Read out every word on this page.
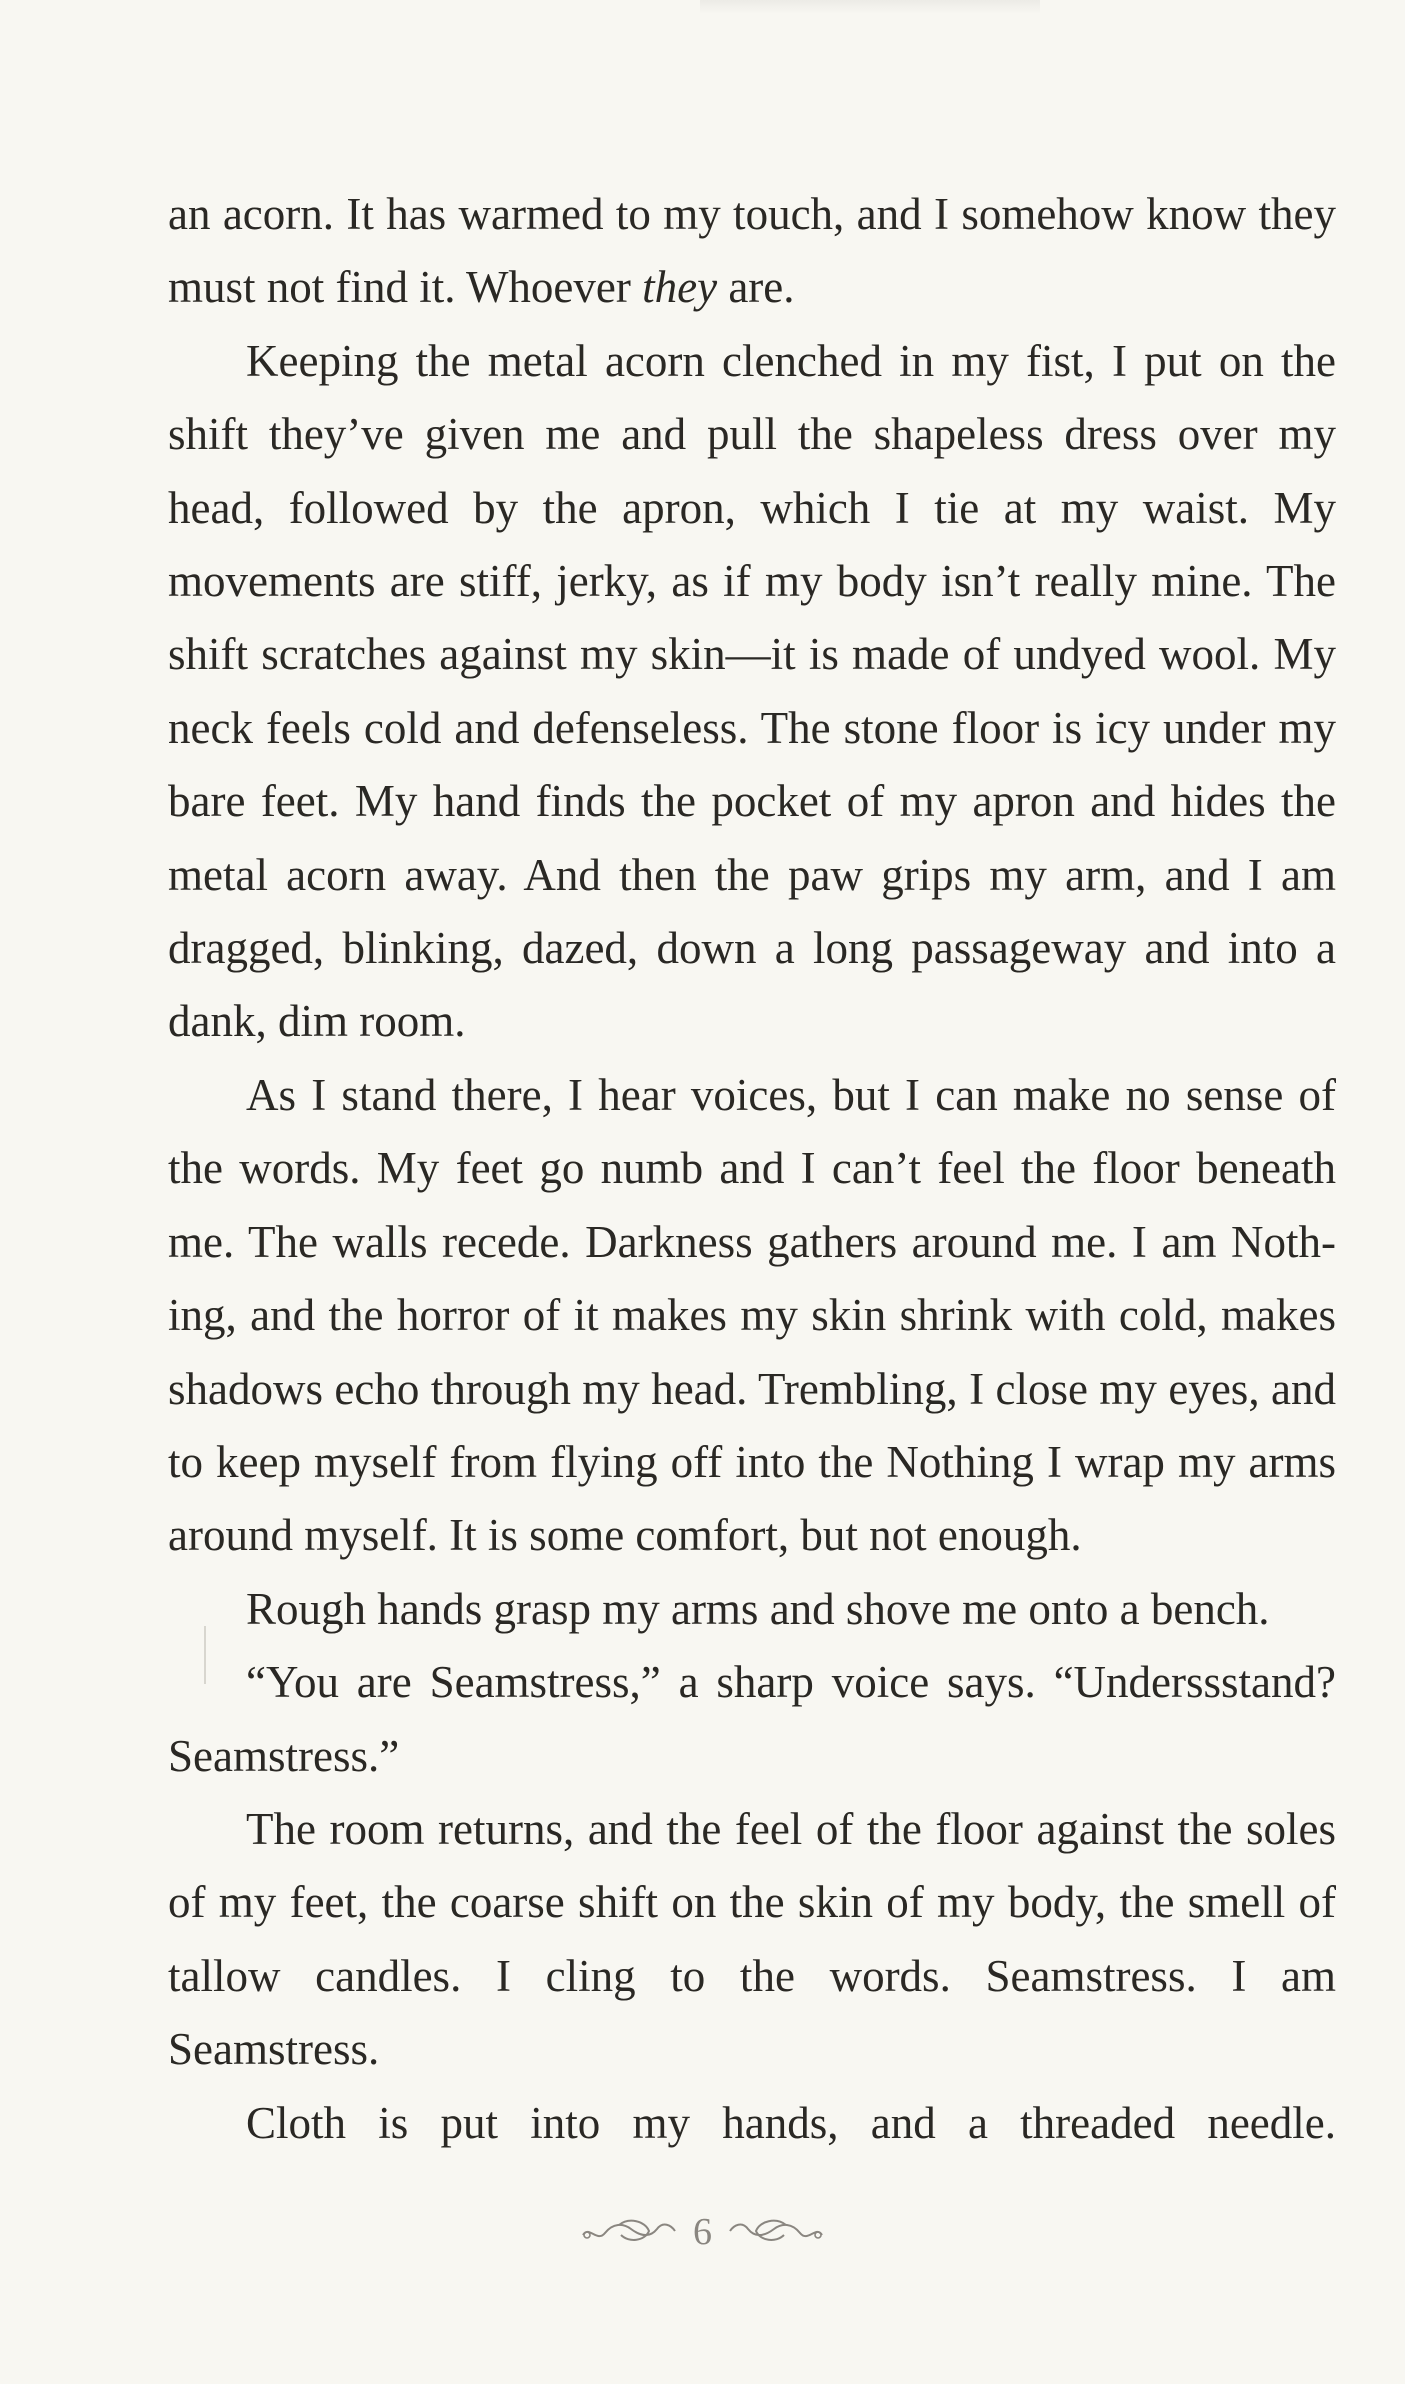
an acorn. It has warmed to my touch, and I somehow know they must not find it. Whoever they are.

Keeping the metal acorn clenched in my fist, I put on the shift they’ve given me and pull the shapeless dress over my head, followed by the apron, which I tie at my waist. My movements are stiff, jerky, as if my body isn’t really mine. The shift scratches against my skin—it is made of undyed wool. My neck feels cold and defenseless. The stone floor is icy under my bare feet. My hand finds the pocket of my apron and hides the metal acorn away. And then the paw grips my arm, and I am dragged, blinking, dazed, down a long passageway and into a dank, dim room.

As I stand there, I hear voices, but I can make no sense of the words. My feet go numb and I can’t feel the floor beneath me. The walls recede. Darkness gathers around me. I am Nothing, and the horror of it makes my skin shrink with cold, makes shadows echo through my head. Trembling, I close my eyes, and to keep myself from flying off into the Nothing I wrap my arms around myself. It is some comfort, but not enough.

Rough hands grasp my arms and shove me onto a bench.

“You are Seamstress,” a sharp voice says. “Underssstand? Seamstress.”

The room returns, and the feel of the floor against the soles of my feet, the coarse shift on the skin of my body, the smell of tallow candles. I cling to the words. Seamstress. I am Seamstress.

Cloth is put into my hands, and a threaded needle.

6
